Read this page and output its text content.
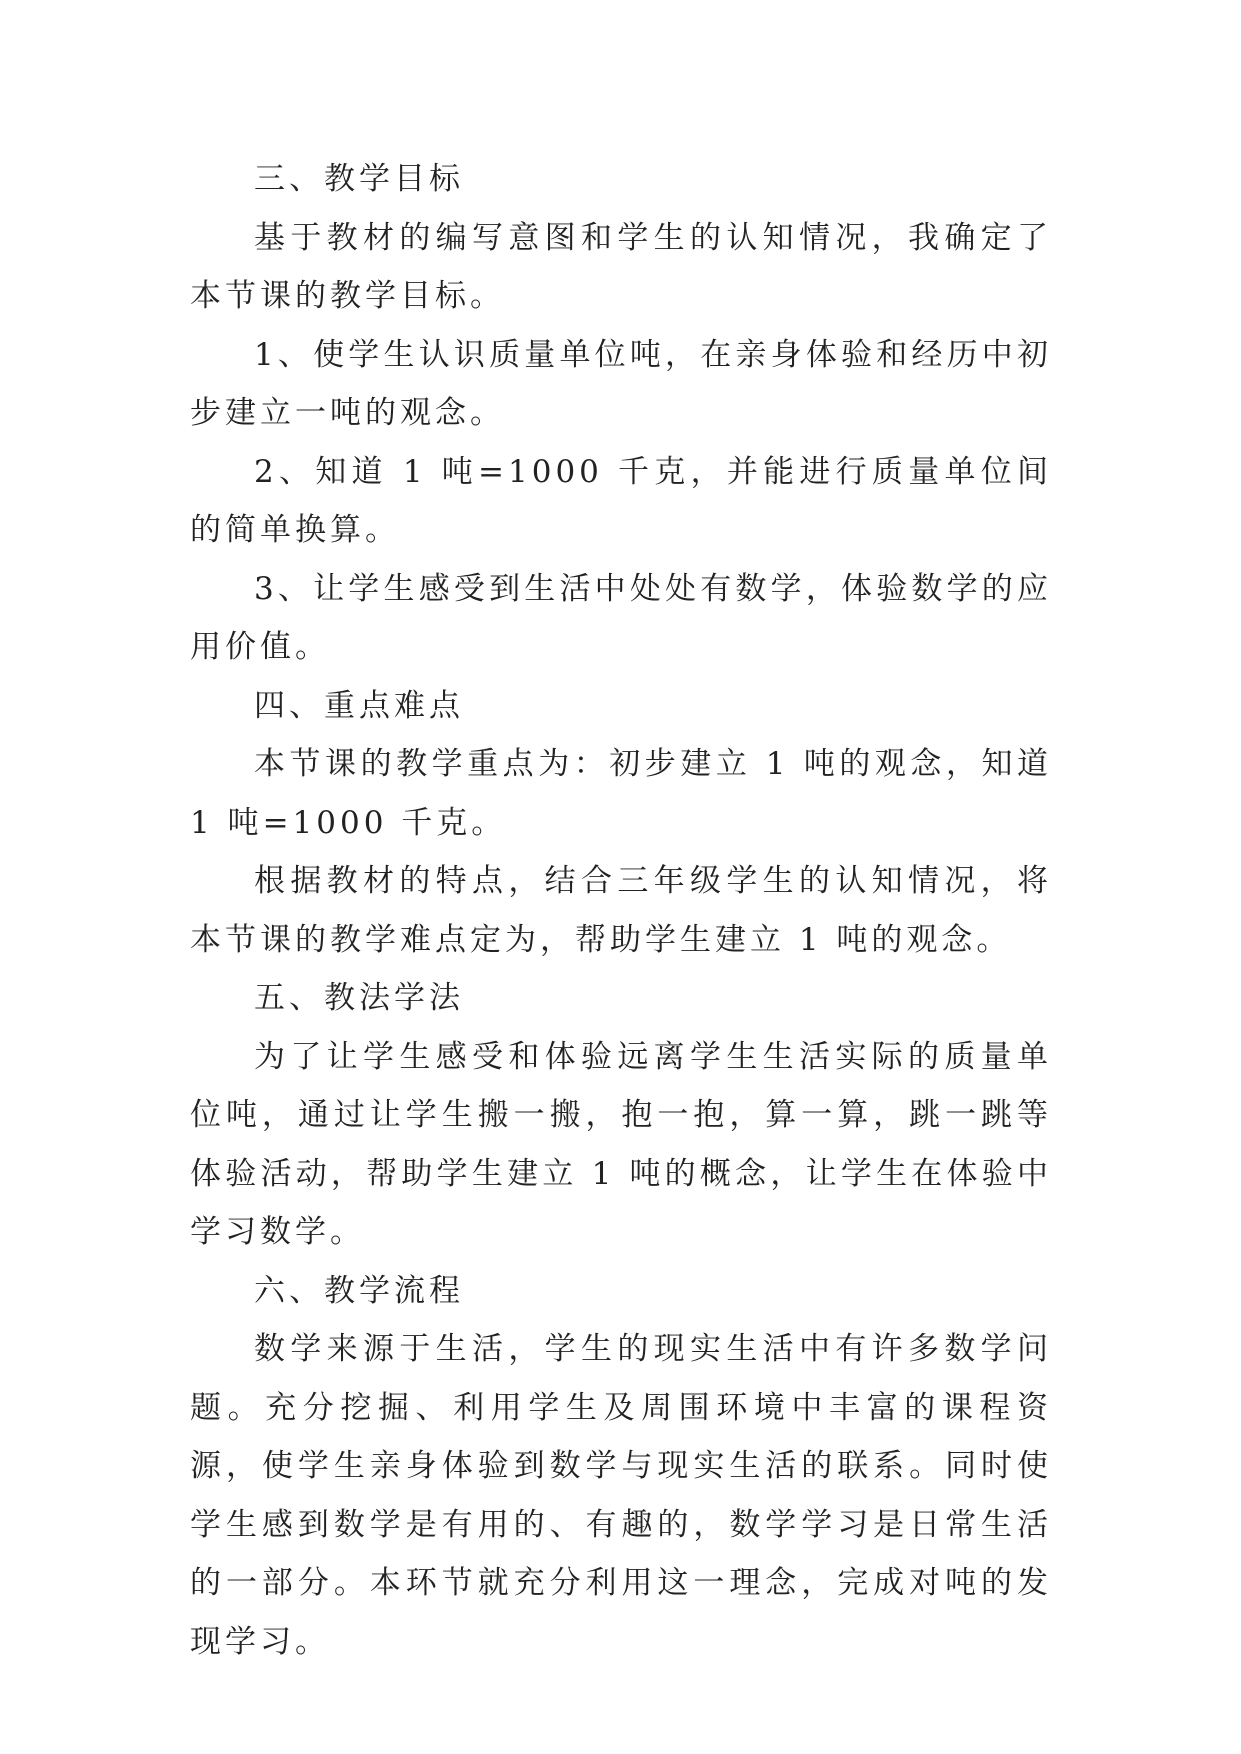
三、教学目标

基于教材的编写意图和学生的认知情况，我确定了本节课的教学目标。

1、使学生认识质量单位吨，在亲身体验和经历中初步建立一吨的观念。

2、知道 1 吨=1000 千克，并能进行质量单位间的简单换算。

3、让学生感受到生活中处处有数学，体验数学的应用价值。

四、重点难点

本节课的教学重点为：初步建立 1 吨的观念，知道 1 吨=1000 千克。

根据教材的特点，结合三年级学生的认知情况，将本节课的教学难点定为，帮助学生建立 1 吨的观念。

五、教法学法

为了让学生感受和体验远离学生生活实际的质量单位吨，通过让学生搬一搬，抱一抱，算一算，跳一跳等体验活动，帮助学生建立 1 吨的概念，让学生在体验中学习数学。

六、教学流程

数学来源于生活，学生的现实生活中有许多数学问题。充分挖掘、利用学生及周围环境中丰富的课程资源，使学生亲身体验到数学与现实生活的联系。同时使学生感到数学是有用的、有趣的，数学学习是日常生活的一部分。本环节就充分利用这一理念，完成对吨的发现学习。
